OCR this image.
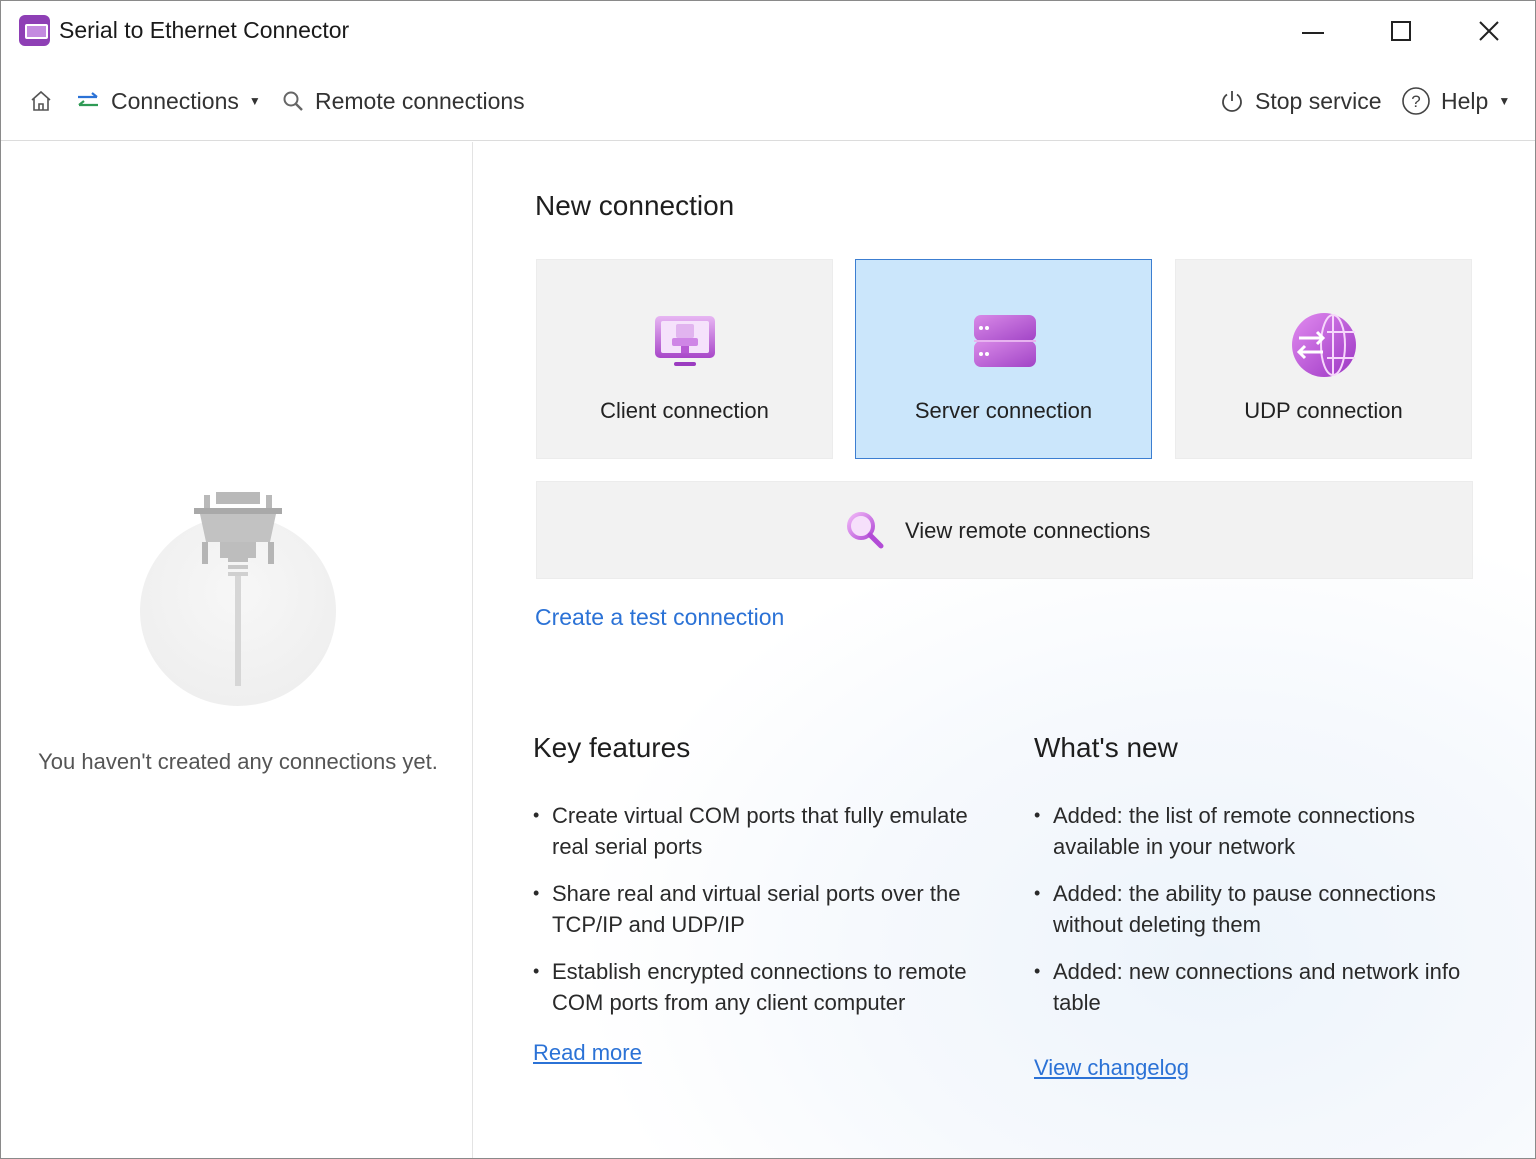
Serial to Ethernet Connector
Connections ▼ Remote connections	Stop service ? Help ▼
You haven't created any connections yet.
New connection
Client connection	Server connection	UDP connection
View remote connections
Create a test connection
Key features
• Create virtual COM ports that fully emulate real serial ports
• Share real and virtual serial ports over the TCP/IP and UDP/IP
• Establish encrypted connections to remote COM ports from any client computer
Read more
What's new
• Added: the list of remote connections available in your network
• Added: the ability to pause connections without deleting them
• Added: new connections and network info table
View changelog
